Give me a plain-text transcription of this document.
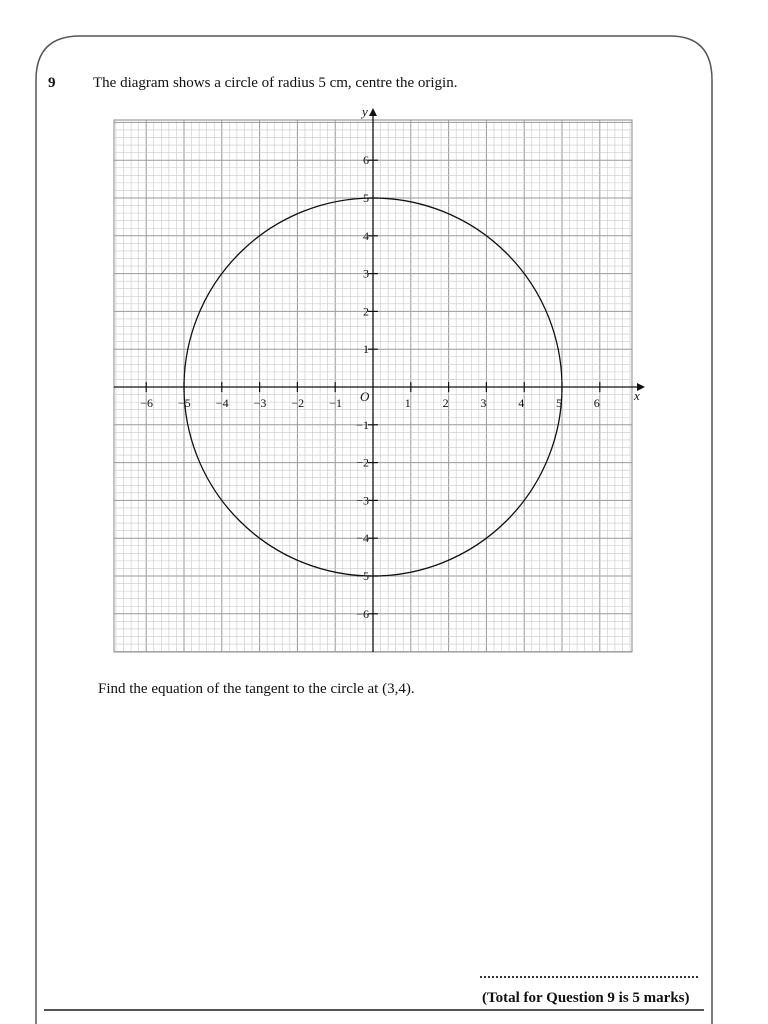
9	The diagram shows a circle of radius 5 cm, centre the origin.
−6 −5 −4 −3 −2 −1	1	2	3	4	5	6
6
5
4
3
2
1
−1
−2
−3
−4
−5
−6
x
y
O
Find the equation of the tangent to the circle at (3,4).
(Total for Question 9 is 5 marks)
